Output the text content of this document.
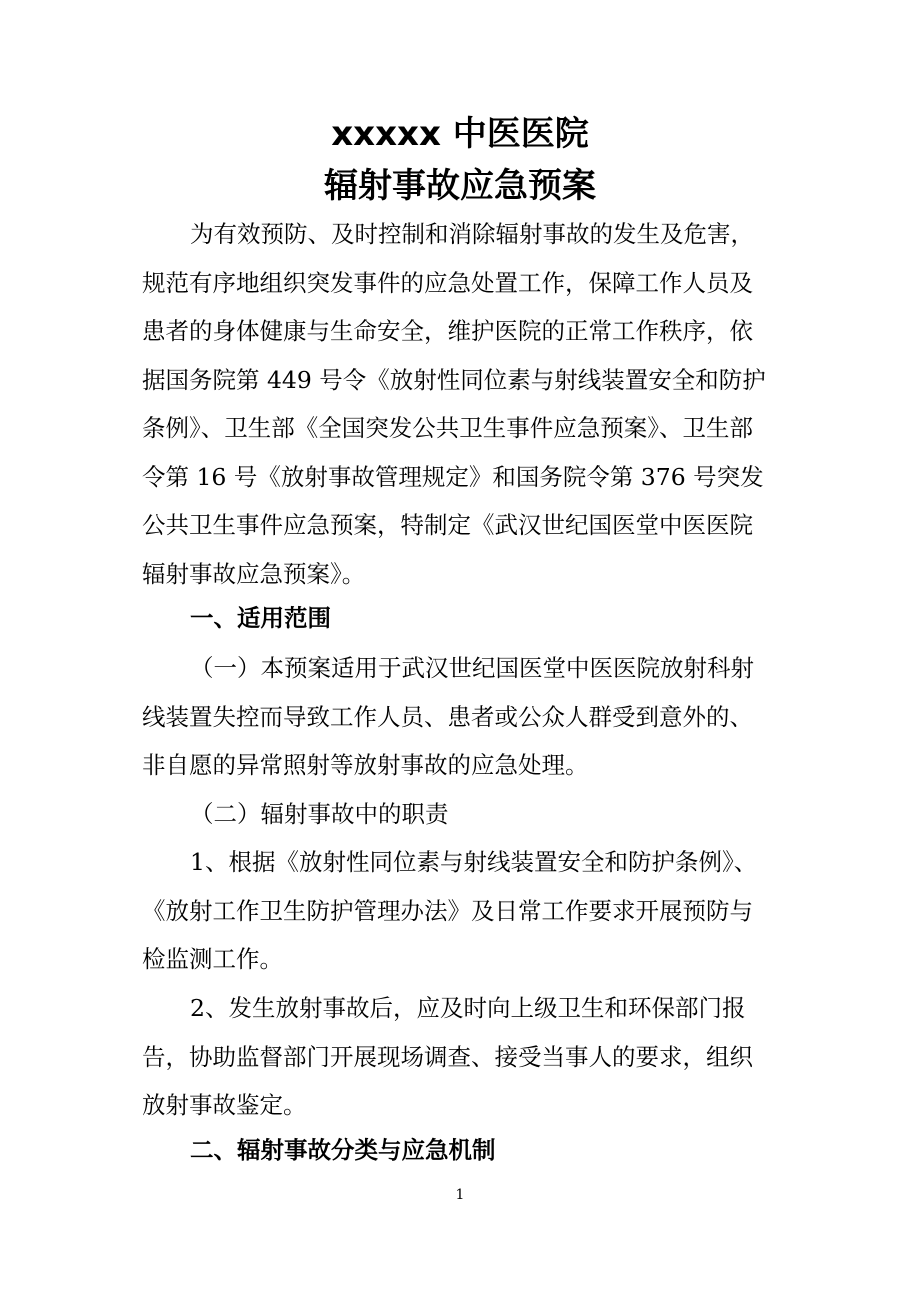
xxxxx 中医医院
辐射事故应急预案
为有效预防、及时控制和消除辐射事故的发生及危害，
规范有序地组织突发事件的应急处置工作，保障工作人员及
患者的身体健康与生命安全，维护医院的正常工作秩序，依
据国务院第 449 号令《放射性同位素与射线装置安全和防护
条例》、卫生部《全国突发公共卫生事件应急预案》、卫生部
令第 16 号《放射事故管理规定》和国务院令第 376 号突发
公共卫生事件应急预案，特制定《武汉世纪国医堂中医医院
辐射事故应急预案》。
一、适用范围
（一）本预案适用于武汉世纪国医堂中医医院放射科射
线装置失控而导致工作人员、患者或公众人群受到意外的、
非自愿的异常照射等放射事故的应急处理。
（二）辐射事故中的职责
1、根据《放射性同位素与射线装置安全和防护条例》、
《放射工作卫生防护管理办法》及日常工作要求开展预防与
检监测工作。
2、发生放射事故后，应及时向上级卫生和环保部门报
告，协助监督部门开展现场调查、接受当事人的要求，组织
放射事故鉴定。
二、辐射事故分类与应急机制
1
